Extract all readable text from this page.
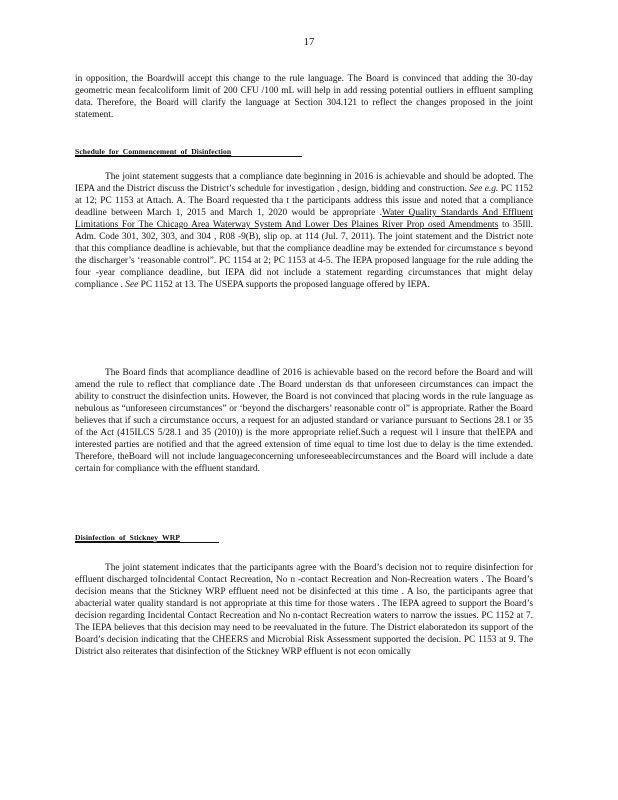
17

in opposition, the Boardwill accept this change to the rule language. The Board is convinced that adding the 30-day geometric mean fecalcoliform limit of 200 CFU /100 mL will help in add ressing potential outliers in effluent sampling data. Therefore, the Board will clarify the language at Section 304.121 to reflect the changes proposed in the joint statement.

Schedule for Commencement of Disinfection

The joint statement suggests that a compliance date beginning in 2016 is achievable and should be adopted. The IEPA and the District discuss the District’s schedule for investigation , design, bidding and construction. See e.g. PC 1152 at 12; PC 1153 at Attach. A. The Board requested tha t the participants address this issue and noted that a compliance deadline between March 1, 2015 and March 1, 2020 would be appropriate .Water Quality Standards And Effluent Limitations For The Chicago Area Waterway System And Lower Des Plaines River Prop osed Amendments to 35Ill. Adm. Code 301, 302, 303, and 304 , R08 -9(B), slip op. at 114 (Jul. 7, 2011). The joint statement and the District note that this compliance deadline is achievable, but that the compliance deadline may be extended for circumstance s beyond the discharger’s ‘reasonable control”. PC 1154 at 2; PC 1153 at 4-5. The IEPA proposed language for the rule adding the four -year compliance deadline, but IEPA did not include a statement regarding circumstances that might delay compliance . See PC 1152 at 13. The USEPA supports the proposed language offered by IEPA.

The Board finds that acompliance deadline of 2016 is achievable based on the record before the Board and will amend the rule to reflect that compliance date .The Board understan ds that unforeseen circumstances can impact the ability to construct the disinfection units. However, the Board is not convinced that placing words in the rule language as nebulous as “unforeseen circumstances” or ‘beyond the dischargers’ reasonable contr ol” is appropriate. Rather the Board believes that if such a circumstance occurs, a request for an adjusted standard or variance pursuant to Sections 28.1 or 35 of the Act (415ILCS 5/28.1 and 35 (2010)) is the more appropriate relief.Such a request wil l insure that theIEPA and interested parties are notified and that the agreed extension of time equal to time lost due to delay is the time extended. Therefore, theBoard will not include languageconcerning unforeseeablecircumstances and the Board will include a date certain for compliance with the effluent standard.

Disinfection of Stickney WRP

The joint statement indicates that the participants agree with the Board’s decision not to require disinfection for effluent discharged toIncidental Contact Recreation, No n -contact Recreation and Non-Recreation waters . The Board’s decision means that the Stickney WRP effluent need not be disinfected at this time . A lso, the participants agree that abacterial water quality standard is not appropriate at this time for those waters . The IEPA agreed to support the Board’s decision regarding Incidental Contact Recreation and No n-contact Recreation waters to narrow the issues. PC 1152 at 7. The IEPA believes that this decision may need to be reevaluated in the future. The District elaboratedon its support of the Board’s decision indicating that the CHEERS and Microbial Risk Assessment supported the decision. PC 1153 at 9. The District also reiterates that disinfection of the Stickney WRP effluent is not econ omically
